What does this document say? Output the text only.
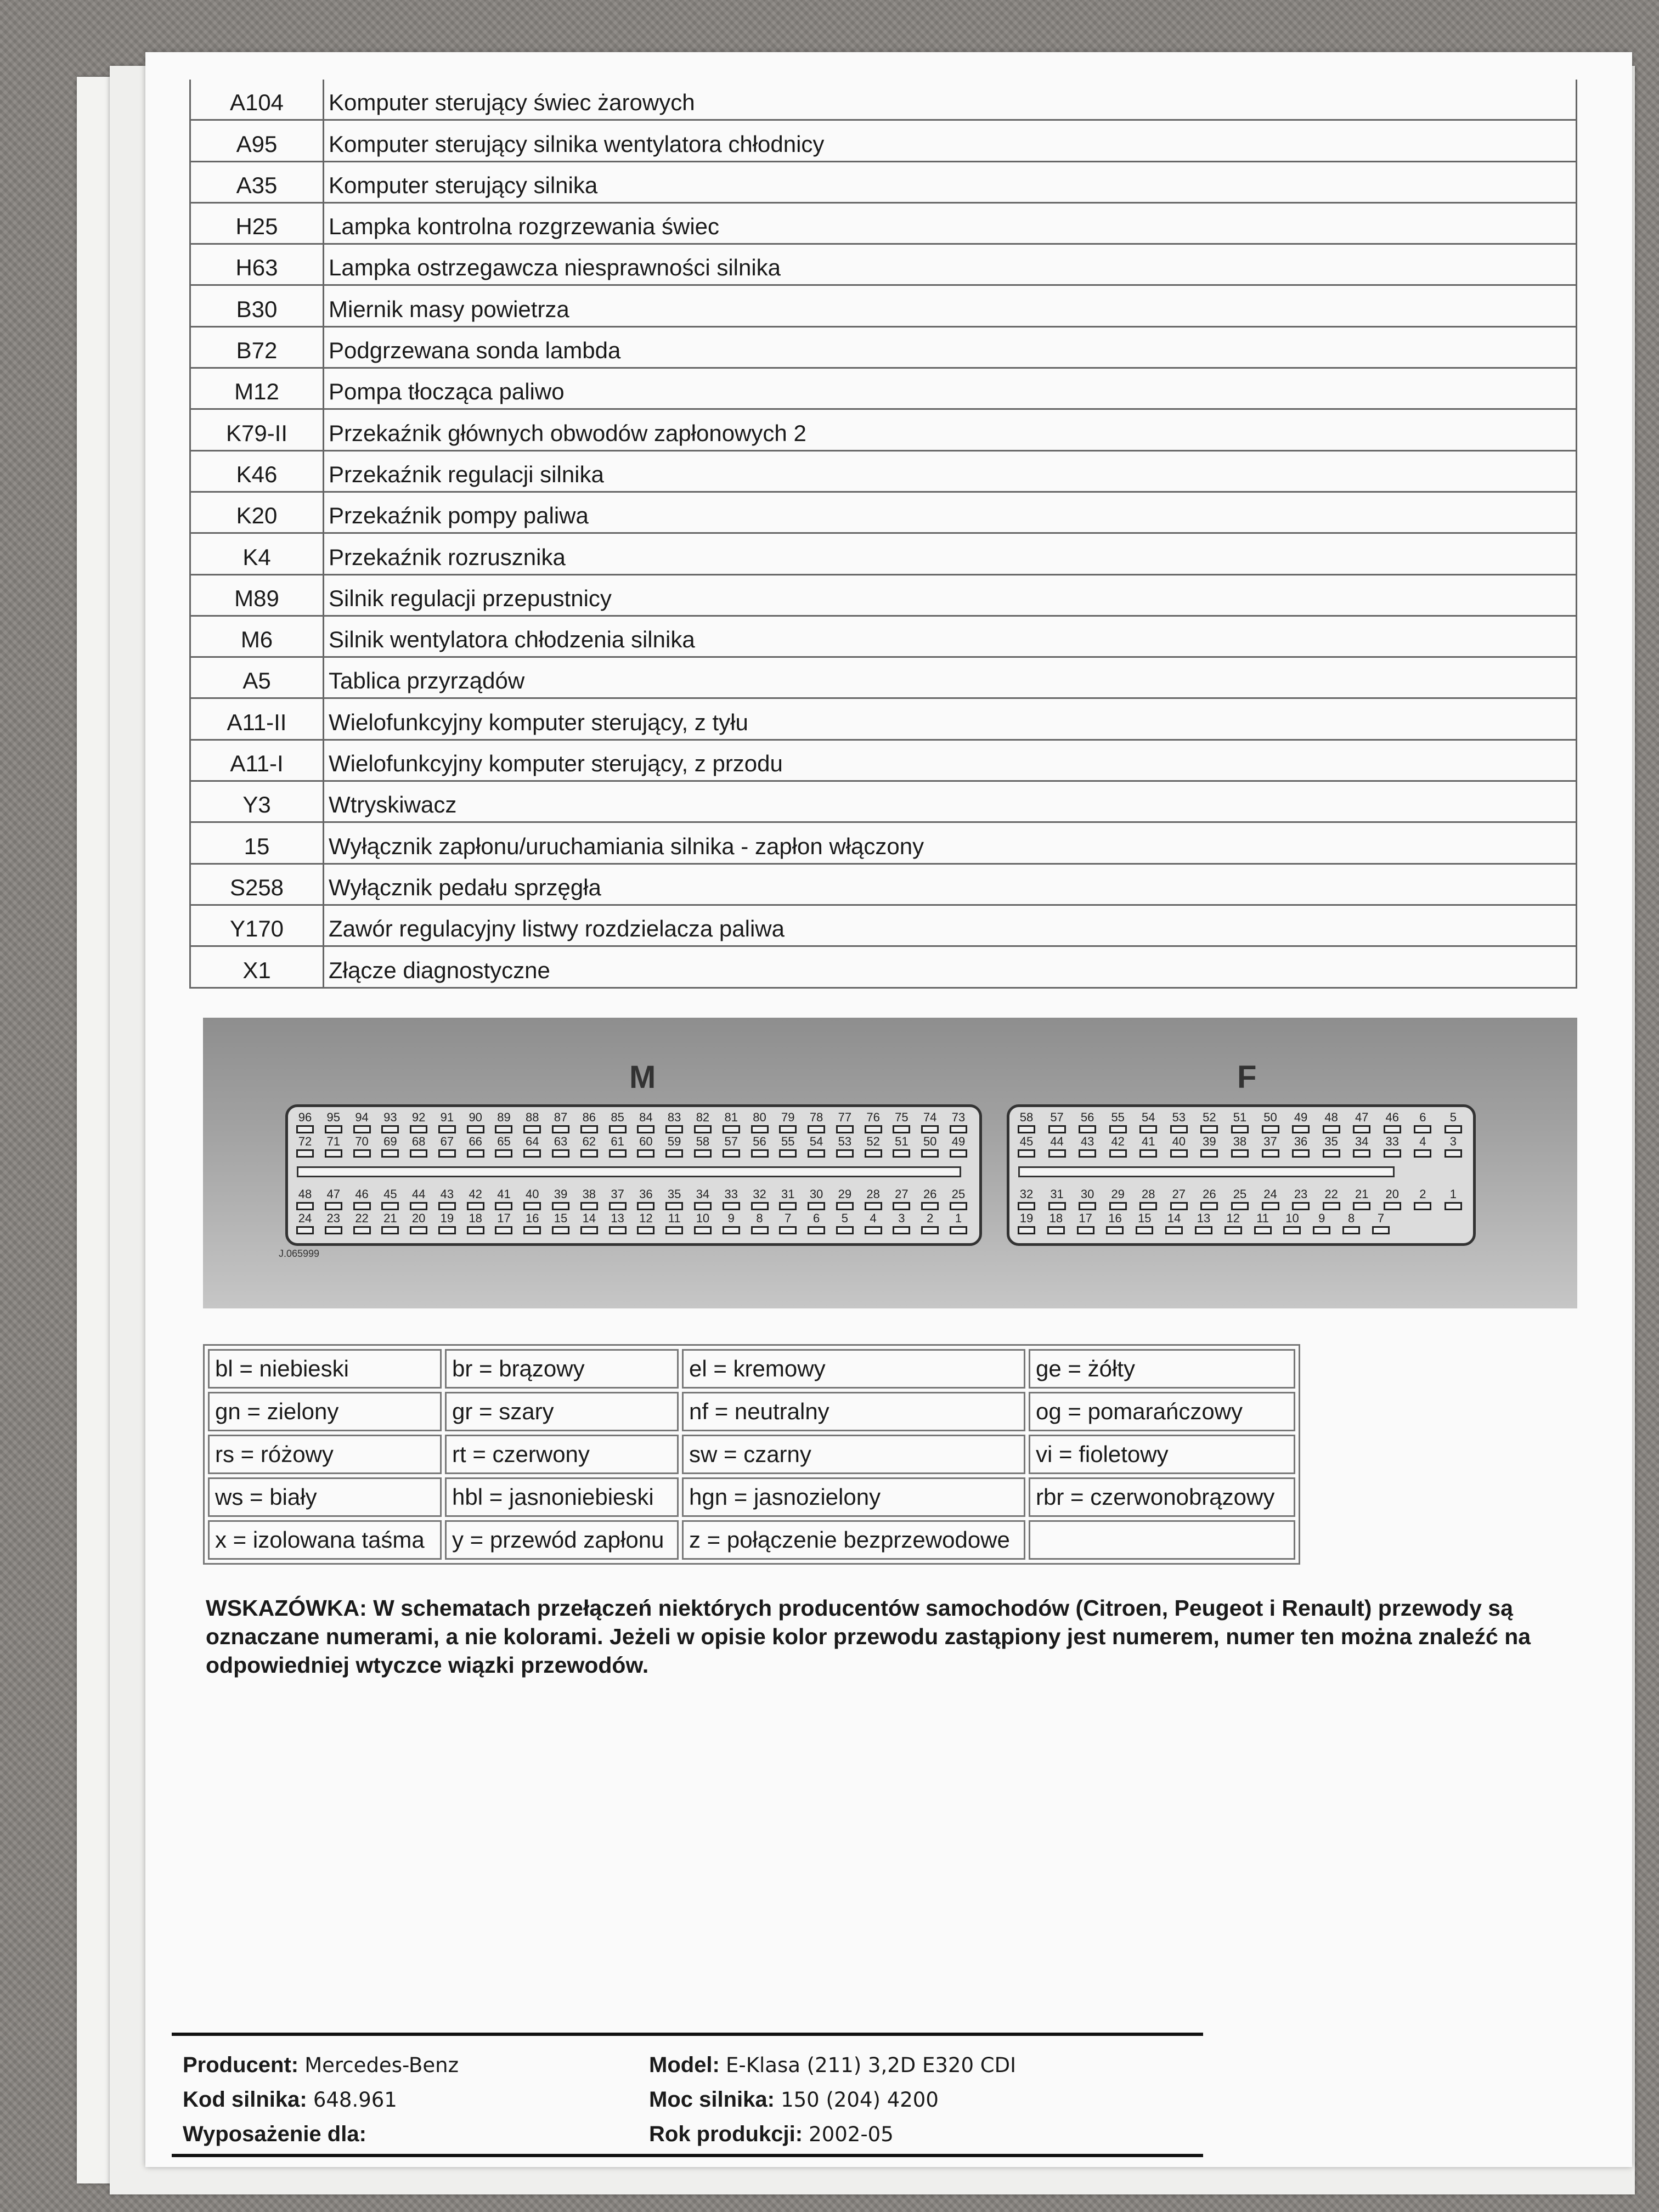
A104	Komputer sterujący świec żarowych
A95	Komputer sterujący silnika wentylatora chłodnicy
A35	Komputer sterujący silnika
H25	Lampka kontrolna rozgrzewania świec
H63	Lampka ostrzegawcza niesprawności silnika
B30	Miernik masy powietrza
B72	Podgrzewana sonda lambda
M12	Pompa tłocząca paliwo
K79-II	Przekaźnik głównych obwodów zapłonowych 2
K46	Przekaźnik regulacji silnika
K20	Przekaźnik pompy paliwa
K4	Przekaźnik rozrusznika
M89	Silnik regulacji przepustnicy
M6	Silnik wentylatora chłodzenia silnika
A5	Tablica przyrządów
A11-II	Wielofunkcyjny komputer sterujący, z tyłu
A11-I	Wielofunkcyjny komputer sterujący, z przodu
Y3	Wtryskiwacz
15	Wyłącznik zapłonu/uruchamiania silnika - zapłon włączony
S258	Wyłącznik pedału sprzęgła
Y170	Zawór regulacyjny listwy rozdzielacza paliwa
X1	Złącze diagnostyczne
M	F
96 95 94 93 92 91 90 89 88 87 86 85 84 83 82 81 80 79 78 77 76 75 74 73
72 71 70 69 68 67 66 65 64 63 62 61 60 59 58 57 56 55 54 53 52 51 50 49
48 47 46 45 44 43 42 41 40 39 38 37 36 35 34 33 32 31 30 29 28 27 26 25
24 23 22 21 20 19 18 17 16 15 14 13 12 11 10	9	8	7	6	5	4	3	2	1
58 57 56 55 54 53 52 51 50 49 48 47 46	6	5
45 44 43 42 41 40 39 38 37 36 35 34 33	4	3
32 31 30 29 28 27 26 25 24 23 22 21 20	2	1
19 18 17 16 15 14 13 12 11 10	9	8	7
J.065999
bl = niebieski	br = brązowy	el = kremowy	ge = żółty
gn = zielony	gr = szary	nf = neutralny	og = pomarańczowy
rs = różowy	rt = czerwony	sw = czarny	vi = fioletowy
ws = biały	hbl = jasnoniebieski	hgn = jasnozielony	rbr = czerwonobrązowy
x = izolowana taśma	y = przewód zapłonu	z = połączenie bezprzewodowe	
WSKAZÓWKA: W schematach przełączeń niektórych producentów samochodów (Citroen, Peugeot i Renault) przewody są oznaczane numerami, a nie kolorami. Jeżeli w opisie kolor przewodu zastąpiony jest numerem, numer ten można znaleźć na odpowiedniej wtyczce wiązki przewodów.
Producent: Mercedes-Benz
Kod silnika: 648.961
Wyposażenie dla:
Model: E-Klasa (211) 3,2D E320 CDI
Moc silnika: 150 (204) 4200
Rok produkcji: 2002-05
